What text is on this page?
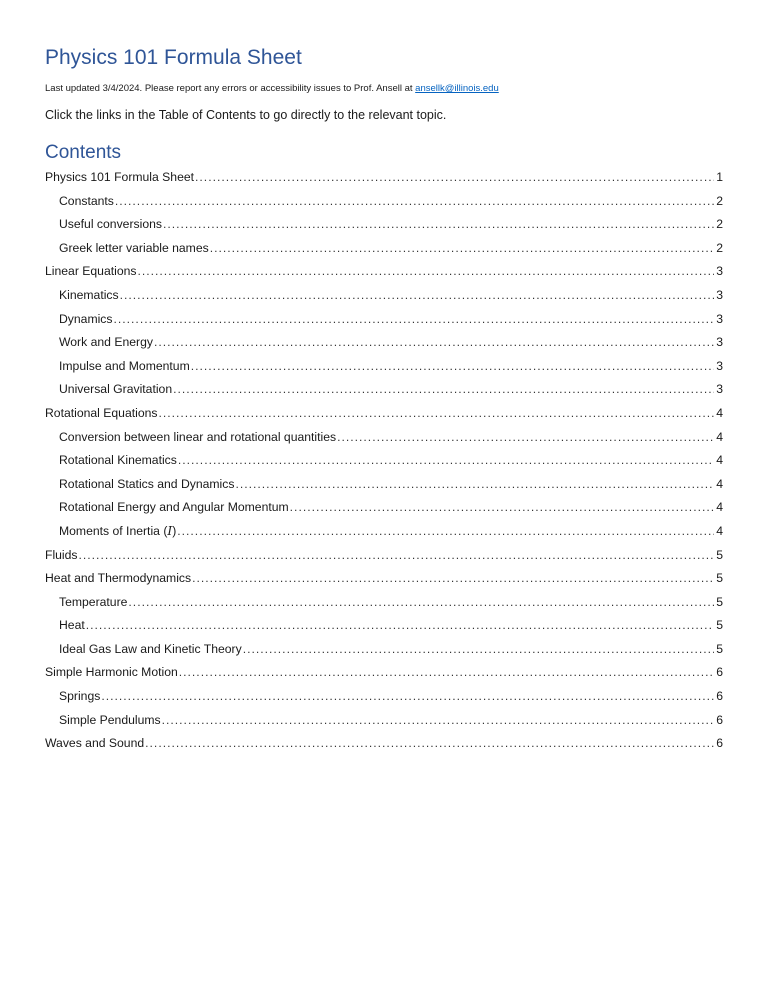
Physics 101 Formula Sheet
Last updated 3/4/2024. Please report any errors or accessibility issues to Prof. Ansell at ansellk@illinois.edu
Click the links in the Table of Contents to go directly to the relevant topic.
Contents
Physics 101 Formula Sheet .....	1
Constants .....	2
Useful conversions .....	2
Greek letter variable names .....	2
Linear Equations .....	3
Kinematics .....	3
Dynamics .....	3
Work and Energy .....	3
Impulse and Momentum .....	3
Universal Gravitation .....	3
Rotational Equations .....	4
Conversion between linear and rotational quantities .....	4
Rotational Kinematics .....	4
Rotational Statics and Dynamics .....	4
Rotational Energy and Angular Momentum .....	4
Moments of Inertia (I) .....	4
Fluids .....	5
Heat and Thermodynamics .....	5
Temperature .....	5
Heat .....	5
Ideal Gas Law and Kinetic Theory .....	5
Simple Harmonic Motion .....	6
Springs .....	6
Simple Pendulums .....	6
Waves and Sound .....	6
